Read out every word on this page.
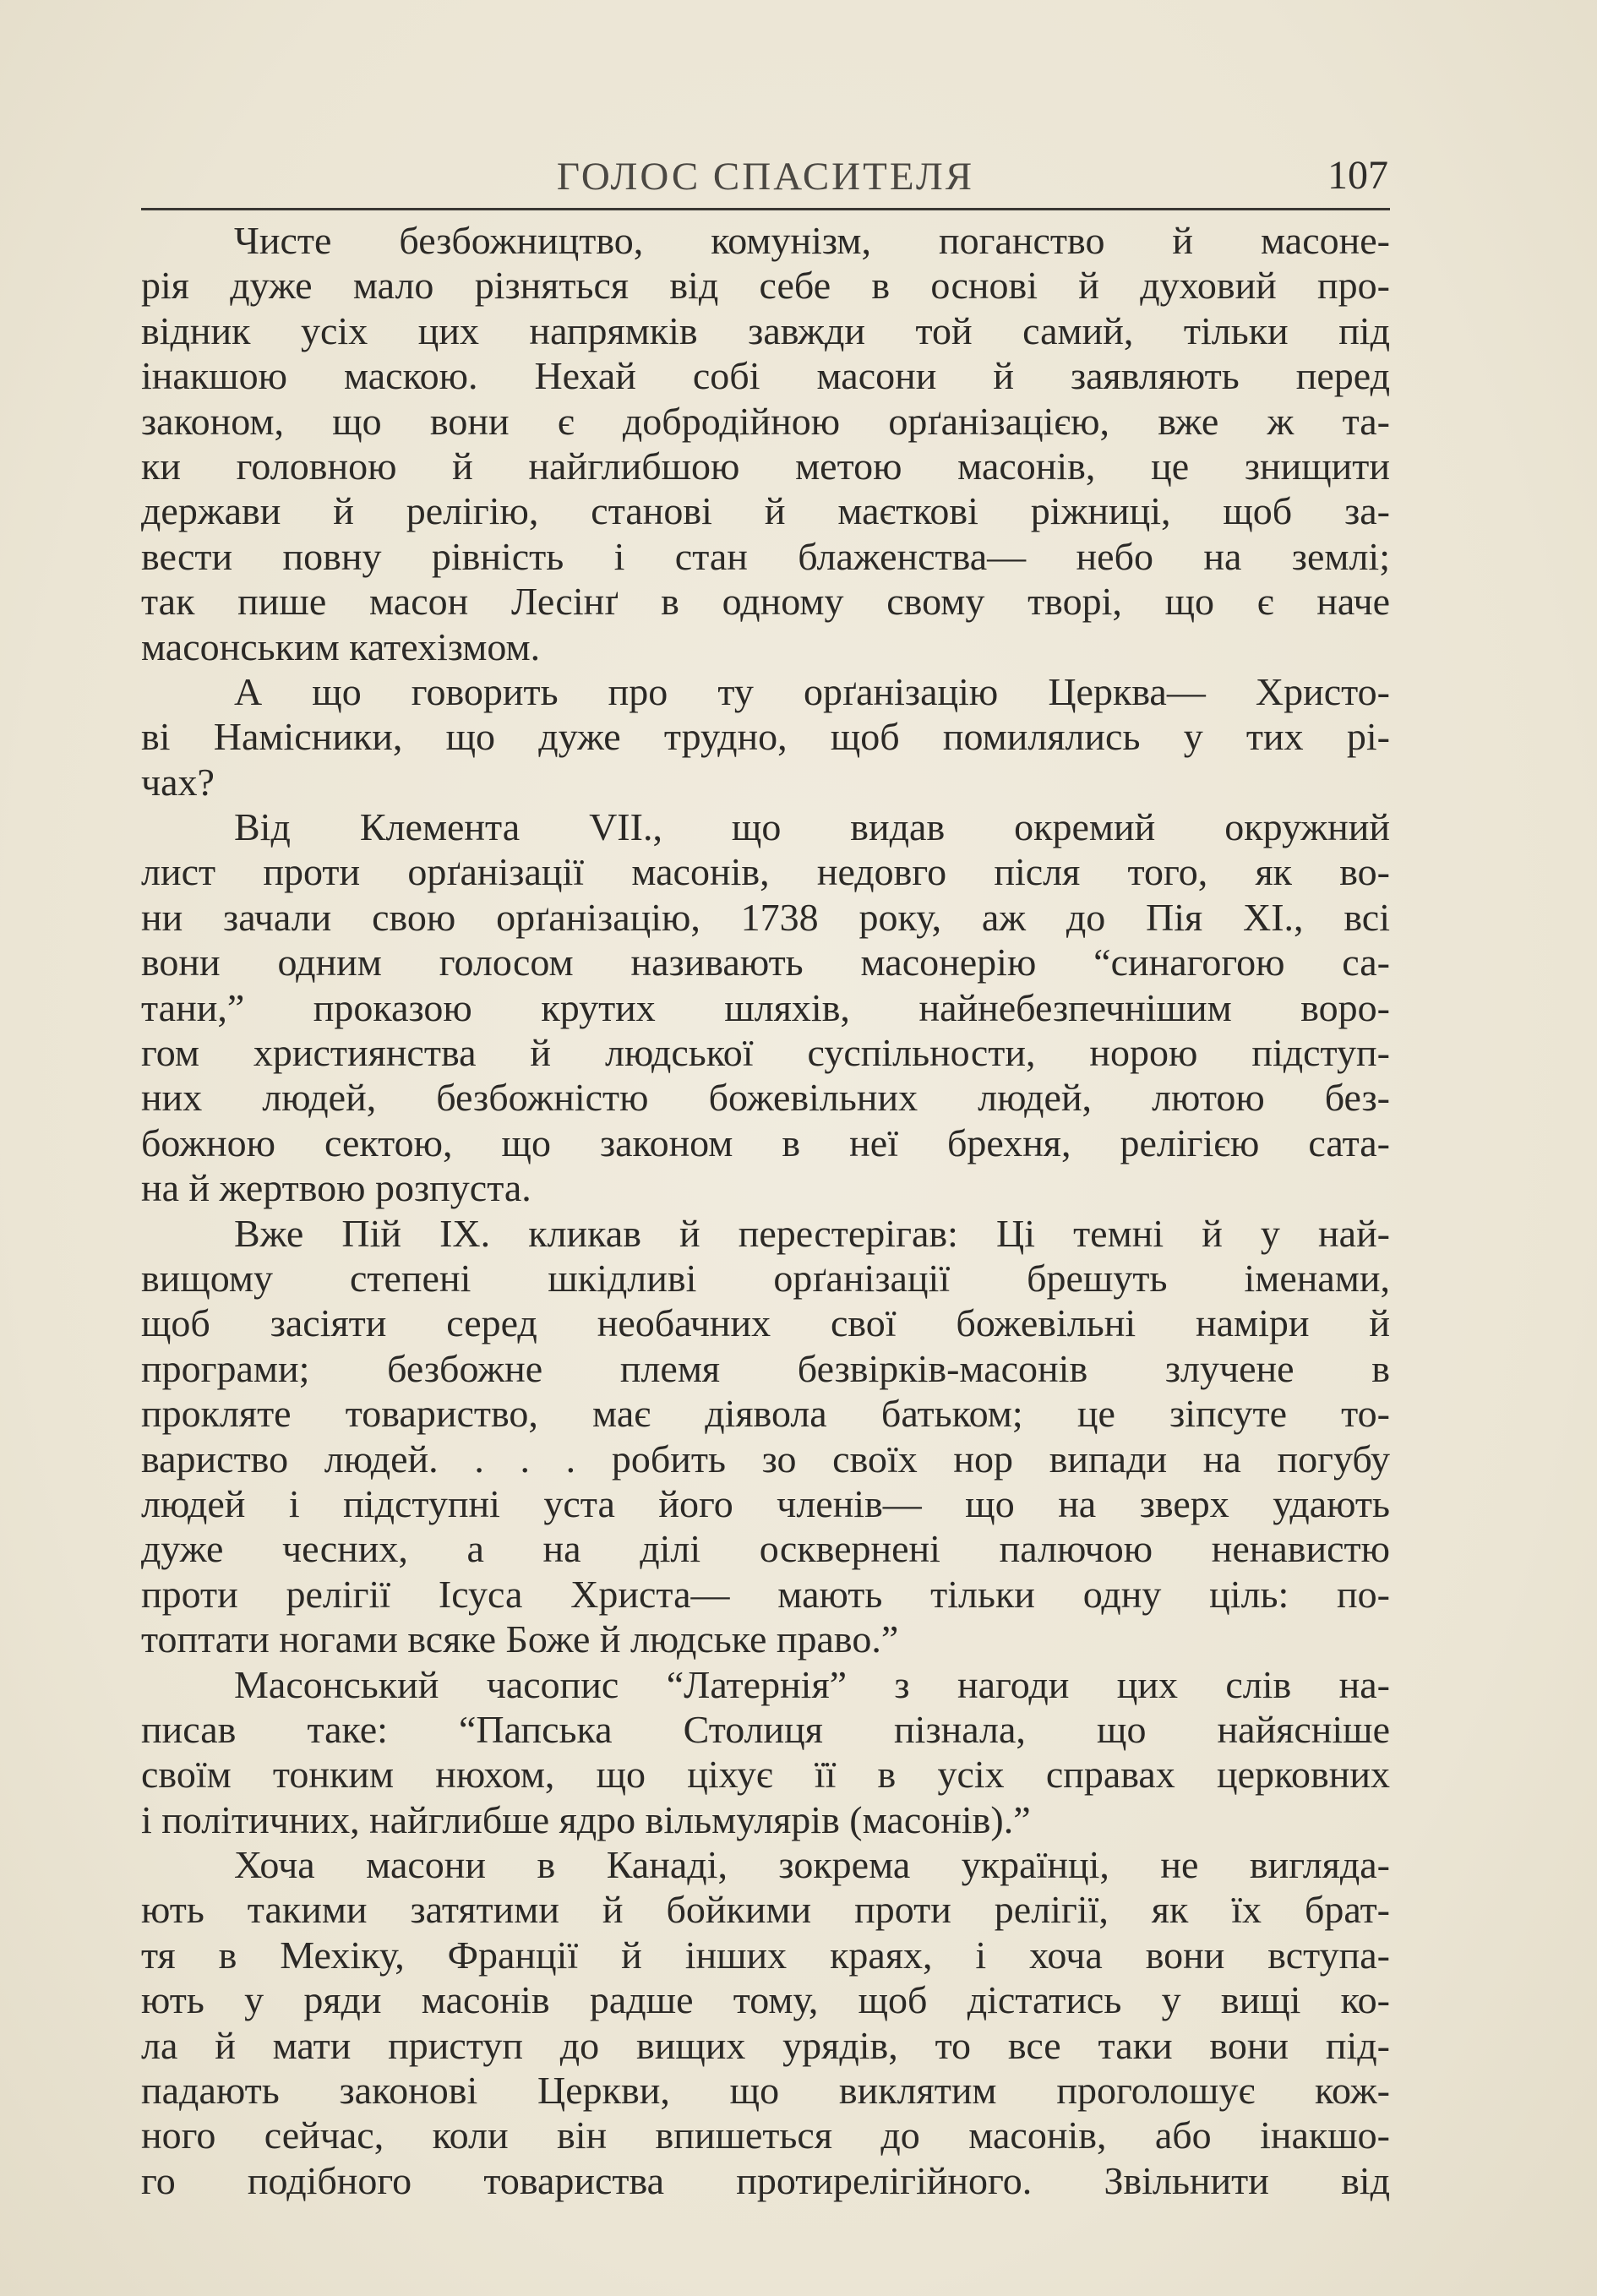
ГОЛОС СПАСИТЕЛЯ	107
Чисте безбожництво, комунізм, поганство й масоне-
рія дуже мало різняться від себе в основі й духовий про-
відник усіх цих напрямків завжди той самий, тільки під
інакшою маскою. Нехай собі масони й заявляють перед
законом, що вони є добродійною орґанізацією, вже ж та-
ки головною й найглибшою метою масонів, це знищити
держави й релігію, станові й маєткові ріжниці, щоб за-
вести повну рівність і стан блаженства— небо на землі;
так пише масон Лесінґ в одному свому творі, що є наче
масонським катехізмом.
А що говорить про ту орґанізацію Церква— Христо-
ві Намісники, що дуже трудно, щоб помилялись у тих рі-
чах?
Від Клемента VII., що видав окремий окружний
лист проти орґанізації масонів, недовго після того, як во-
ни зачали свою орґанізацію, 1738 року, аж до Пія XI., всі
вони одним голосом називають масонерію “синагогою са-
тани,” проказою крутих шляхів, найнебезпечнішим воро-
гом християнства й людської суспільности, норою підступ-
них людей, безбожністю божевільних людей, лютою без-
божною сектою, що законом в неї брехня, релігією сата-
на й жертвою розпуста.
Вже Пій IX. кликав й перестерігав: Ці темні й у най-
вищому степені шкідливі орґанізації брешуть іменами,
щоб засіяти серед необачних свої божевільні наміри й
програми; безбожне племя безвірків-масонів злучене в
прокляте товариство, має діявола батьком; це зіпсуте то-
вариство людей. . . . робить зо своїх нор випади на погубу
людей і підступні уста його членів— що на зверх удають
дуже чесних, а на ділі осквернені палючою ненавистю
проти релігії Ісуса Христа— мають тільки одну ціль: по-
топтати ногами всяке Боже й людське право.”
Масонський часопис “Латернія” з нагоди цих слів на-
писав таке: “Папська Столиця пізнала, що найясніше
своїм тонким нюхом, що ціхує її в усіх справах церковних
і політичних, найглибше ядро вільмулярів (масонів).”
Хоча масони в Канаді, зокрема українці, не виглядa-
ють такими затятими й бойкими проти релігії, як їх брат-
тя в Мехіку, Франції й інших краях, і хоча вони вступа-
ють у ряди масонів радше тому, щоб дістатись у вищі ко-
ла й мати приступ до вищих урядів, то все таки вони під-
падають законові Церкви, що виклятим проголошує кож-
ного сейчас, коли він впишеться до масонів, або інакшо-
го подібного товариства протирелігійного. Звільнити від
